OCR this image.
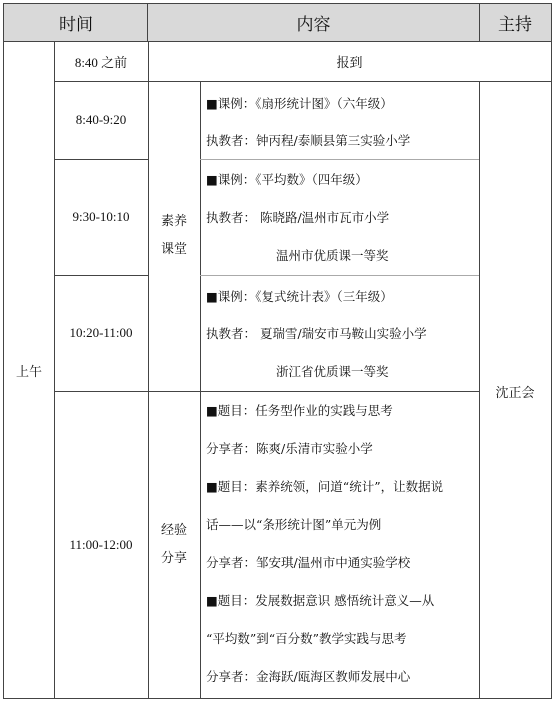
时间	内容	主持
上午
沈正会
8:40 之前
8:40-9:20
9:30-10:10
10:20-11:00
11:00-12:00
报到
素养
课堂
经验
分享
■课例：《扇形统计图》（六年级）
执教者：钟丙程/泰顺县第三实验小学
■课例：《平均数》（四年级）
执教者： 陈晓路/温州市瓦市小学
温州市优质课一等奖
■课例：《复式统计表》（三年级）
执教者： 夏瑞雪/瑞安市马鞍山实验小学
浙江省优质课一等奖
■题目：任务型作业的实践与思考
分享者：陈爽/乐清市实验小学
■题目：素养统领，问道“统计”，让数据说
话——以“条形统计图”单元为例
分享者：邹安琪/温州市中通实验学校
■题目：发展数据意识 感悟统计意义—从
“平均数”到“百分数”教学实践与思考
分享者：金海跃/瓯海区教师发展中心
